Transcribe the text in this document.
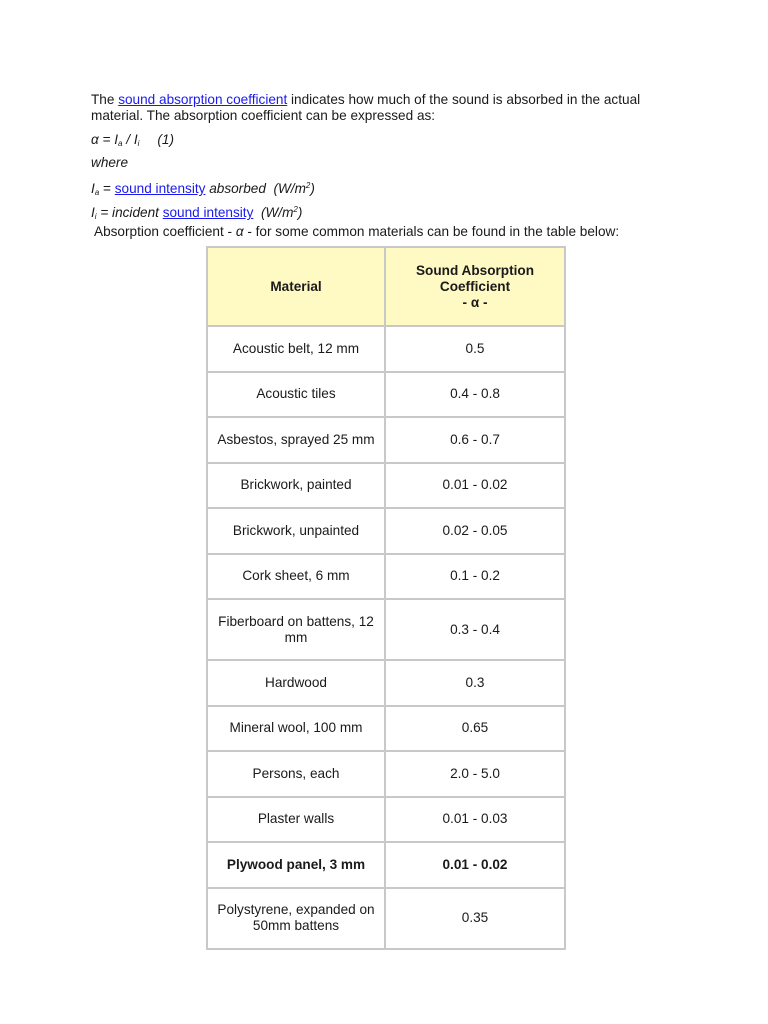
The sound absorption coefficient indicates how much of the sound is absorbed in the actual material. The absorption coefficient can be expressed as:

$\alpha = I_a / I_i$ (1)
where
$I_a$ = sound intensity absorbed $(W/m^2)$
$I_i$ = incident sound intensity $(W/m^2)$
Absorption coefficient - α - for some common materials can be found in the table below:
Material	Sound Absorption
Coefficient
- α -

Acoustic belt, 12 mm	0.5
Acoustic tiles	0.4 - 0.8
Asbestos, sprayed 25 mm	0.6 - 0.7
Brickwork, painted	0.01 - 0.02
Brickwork, unpainted	0.02 - 0.05
Cork sheet, 6 mm	0.1 - 0.2
Fiberboard on battens, 12 mm	0.3 - 0.4
Hardwood	0.3
Mineral wool, 100 mm	0.65
Persons, each	2.0 - 5.0
Plaster walls	0.01 - 0.03
Plywood panel, 3 mm	0.01 - 0.02
Polystyrene, expanded on 50mm battens	0.35
